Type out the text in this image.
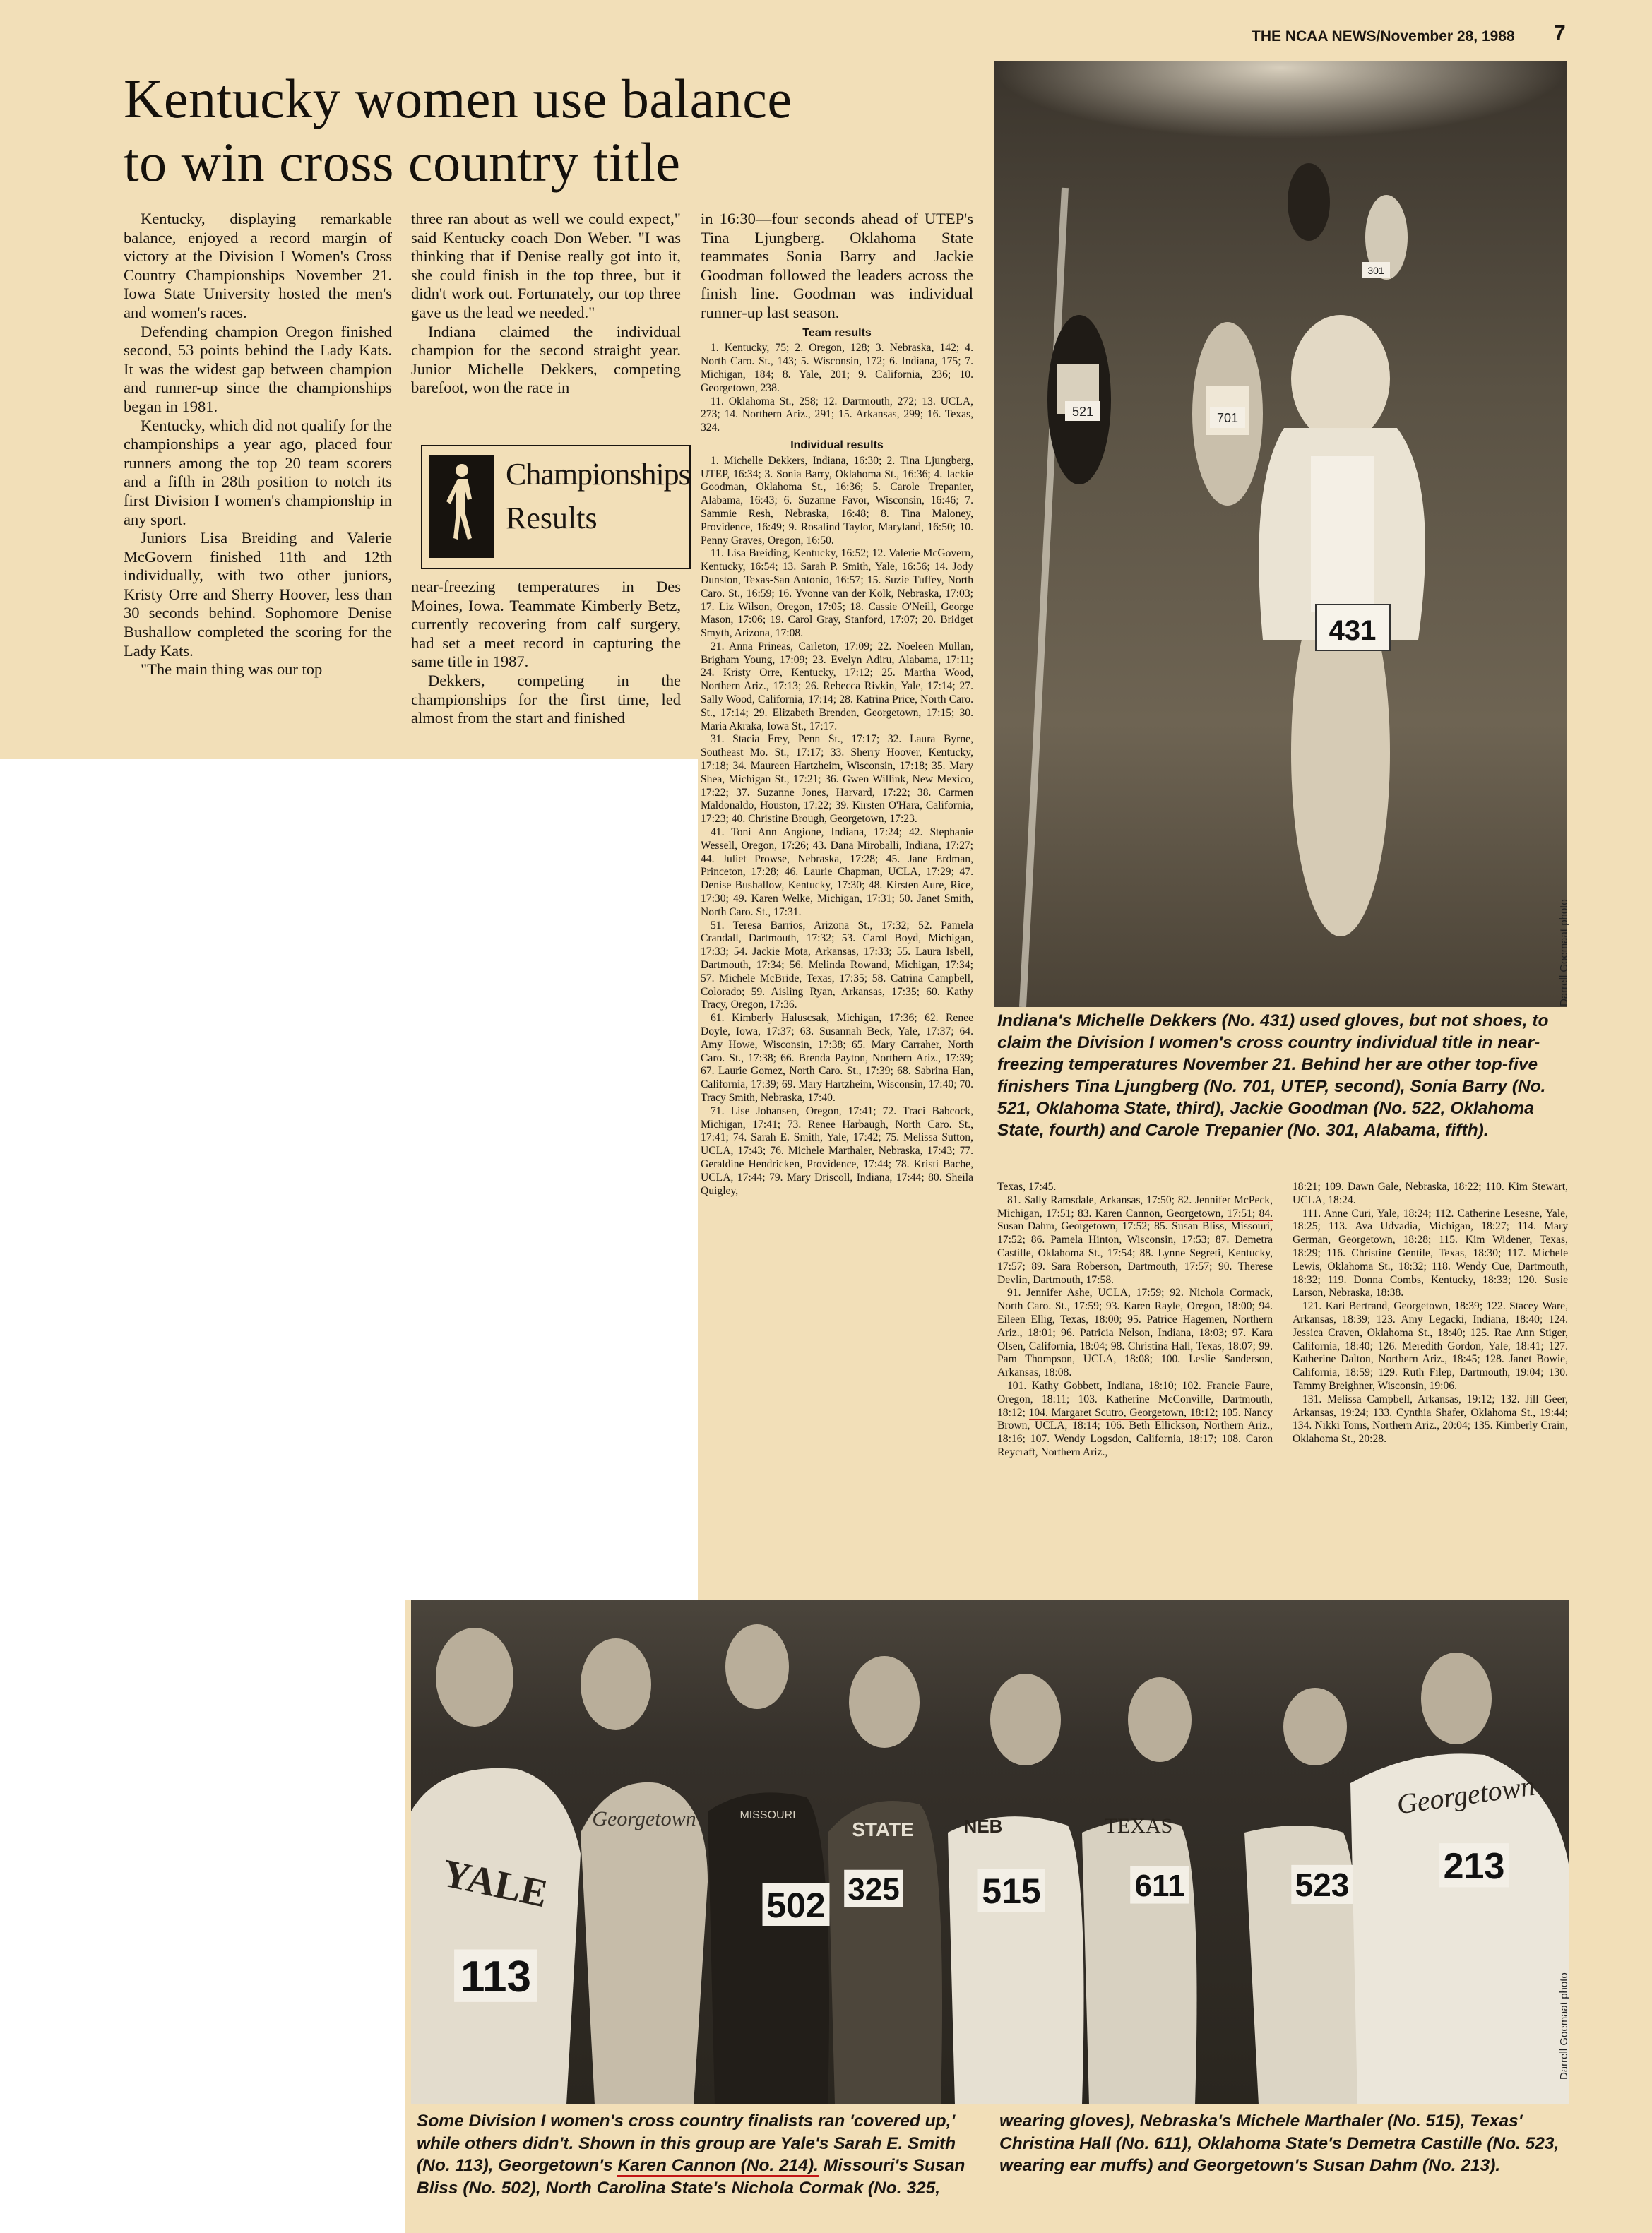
THE NCAA NEWS/November 28, 1988 7
Kentucky women use balance
to win cross country title

Kentucky, displaying remarkable balance, enjoyed a record margin of victory at the Division I Women's Cross Country Championships November 21. Iowa State University hosted the men's and women's races.

Defending champion Oregon finished second, 53 points behind the Lady Kats. It was the widest gap between champion and runner-up since the championships began in 1981.

Kentucky, which did not qualify for the championships a year ago, placed four runners among the top 20 team scorers and a fifth in 28th position to notch its first Division I women's championship in any sport.

Juniors Lisa Breiding and Valerie McGovern finished 11th and 12th individually, with two other juniors, Kristy Orre and Sherry Hoover, less than 30 seconds behind. Sophomore Denise Bushallow completed the scoring for the Lady Kats.

"The main thing was our top

three ran about as well we could expect," said Kentucky coach Don Weber. "I was thinking that if Denise really got into it, she could finish in the top three, but it didn't work out. Fortunately, our top three gave us the lead we needed."

Indiana claimed the individual champion for the second straight year. Junior Michelle Dekkers, competing barefoot, won the race in

Championships
Results

near-freezing temperatures in Des Moines, Iowa. Teammate Kimberly Betz, currently recovering from calf surgery, had set a meet record in capturing the same title in 1987.

Dekkers, competing in the championships for the first time, led almost from the start and finished

in 16:30—four seconds ahead of UTEP's Tina Ljungberg. Oklahoma State teammates Sonia Barry and Jackie Goodman followed the leaders across the finish line. Goodman was individual runner-up last season.
Team results

1. Kentucky, 75; 2. Oregon, 128; 3. Nebraska, 142; 4. North Caro. St., 143; 5. Wisconsin, 172; 6. Indiana, 175; 7. Michigan, 184; 8. Yale, 201; 9. California, 236; 10. Georgetown, 238.

11. Oklahoma St., 258; 12. Dartmouth, 272; 13. UCLA, 273; 14. Northern Ariz., 291; 15. Arkansas, 299; 16. Texas, 324.

Individual results

1. Michelle Dekkers, Indiana, 16:30; 2. Tina Ljungberg, UTEP, 16:34; 3. Sonia Barry, Oklahoma St., 16:36; 4. Jackie Goodman, Oklahoma St., 16:36; 5. Carole Trepanier, Alabama, 16:43; 6. Suzanne Favor, Wisconsin, 16:46; 7. Sammie Resh, Nebraska, 16:48; 8. Tina Maloney, Providence, 16:49; 9. Rosalind Taylor, Maryland, 16:50; 10. Penny Graves, Oregon, 16:50.

11. Lisa Breiding, Kentucky, 16:52; 12. Valerie McGovern, Kentucky, 16:54; 13. Sarah P. Smith, Yale, 16:56; 14. Jody Dunston, Texas-San Antonio, 16:57; 15. Suzie Tuffey, North Caro. St., 16:59; 16. Yvonne van der Kolk, Nebraska, 17:03; 17. Liz Wilson, Oregon, 17:05; 18. Cassie O'Neill, George Mason, 17:06; 19. Carol Gray, Stanford, 17:07; 20. Bridget Smyth, Arizona, 17:08.

21. Anna Prineas, Carleton, 17:09; 22. Noeleen Mullan, Brigham Young, 17:09; 23. Evelyn Adiru, Alabama, 17:11; 24. Kristy Orre, Kentucky, 17:12; 25. Martha Wood, Northern Ariz., 17:13; 26. Rebecca Rivkin, Yale, 17:14; 27. Sally Wood, California, 17:14; 28. Katrina Price, North Caro. St., 17:14; 29. Elizabeth Brenden, Georgetown, 17:15; 30. Maria Akraka, Iowa St., 17:17.

31. Stacia Frey, Penn St., 17:17; 32. Laura Byrne, Southeast Mo. St., 17:17; 33. Sherry Hoover, Kentucky, 17:18; 34. Maureen Hartzheim, Wisconsin, 17:18; 35. Mary Shea, Michigan St., 17:21; 36. Gwen Willink, New Mexico, 17:22; 37. Suzanne Jones, Harvard, 17:22; 38. Carmen Maldonaldo, Houston, 17:22; 39. Kirsten O'Hara, California, 17:23; 40. Christine Brough, Georgetown, 17:23.

41. Toni Ann Angione, Indiana, 17:24; 42. Stephanie Wessell, Oregon, 17:26; 43. Dana Miroballi, Indiana, 17:27; 44. Juliet Prowse, Nebraska, 17:28; 45. Jane Erdman, Princeton, 17:28; 46. Laurie Chapman, UCLA, 17:29; 47. Denise Bushallow, Kentucky, 17:30; 48. Kirsten Aure, Rice, 17:30; 49. Karen Welke, Michigan, 17:31; 50. Janet Smith, North Caro. St., 17:31.

51. Teresa Barrios, Arizona St., 17:32; 52. Pamela Crandall, Dartmouth, 17:32; 53. Carol Boyd, Michigan, 17:33; 54. Jackie Mota, Arkansas, 17:33; 55. Laura Isbell, Dartmouth, 17:34; 56. Melinda Rowand, Michigan, 17:34; 57. Michele McBride, Texas, 17:35; 58. Catrina Campbell, Colorado; 59. Aisling Ryan, Arkansas, 17:35; 60. Kathy Tracy, Oregon, 17:36.

61. Kimberly Haluscsak, Michigan, 17:36; 62. Renee Doyle, Iowa, 17:37; 63. Susannah Beck, Yale, 17:37; 64. Amy Howe, Wisconsin, 17:38; 65. Mary Carraher, North Caro. St., 17:38; 66. Brenda Payton, Northern Ariz., 17:39; 67. Laurie Gomez, North Caro. St., 17:39; 68. Sabrina Han, California, 17:39; 69. Mary Hartzheim, Wisconsin, 17:40; 70. Tracy Smith, Nebraska, 17:40.

71. Lise Johansen, Oregon, 17:41; 72. Traci Babcock, Michigan, 17:41; 73. Renee Harbaugh, North Caro. St., 17:41; 74. Sarah E. Smith, Yale, 17:42; 75. Melissa Sutton, UCLA, 17:43; 76. Michele Marthaler, Nebraska, 17:43; 77. Geraldine Hendricken, Providence, 17:44; 78. Kristi Bache, UCLA, 17:44; 79. Mary Driscoll, Indiana, 17:44; 80. Sheila Quigley,

431
521	701
301
Darrell Goemaat photo
Indiana's Michelle Dekkers (No. 431) used gloves, but not shoes, to claim the Division I women's cross country individual title in near-freezing temperatures November 21. Behind her are other top-five finishers Tina Ljungberg (No. 701, UTEP, second), Sonia Barry (No. 521, Oklahoma State, third), Jackie Goodman (No. 522, Oklahoma State, fourth) and Carole Trepanier (No. 301, Alabama, fifth).

Texas, 17:45.

81. Sally Ramsdale, Arkansas, 17:50; 82. Jennifer McPeck, Michigan, 17:51; 83. Karen Cannon, Georgetown, 17:51; 84. Susan Dahm, Georgetown, 17:52; 85. Susan Bliss, Missouri, 17:52; 86. Pamela Hinton, Wisconsin, 17:53; 87. Demetra Castille, Oklahoma St., 17:54; 88. Lynne Segreti, Kentucky, 17:57; 89. Sara Roberson, Dartmouth, 17:57; 90. Therese Devlin, Dartmouth, 17:58.

91. Jennifer Ashe, UCLA, 17:59; 92. Nichola Cormack, North Caro. St., 17:59; 93. Karen Rayle, Oregon, 18:00; 94. Eileen Ellig, Texas, 18:00; 95. Patrice Hagemen, Northern Ariz., 18:01; 96. Patricia Nelson, Indiana, 18:03; 97. Kara Olsen, California, 18:04; 98. Christina Hall, Texas, 18:07; 99. Pam Thompson, UCLA, 18:08; 100. Leslie Sanderson, Arkansas, 18:08.

101. Kathy Gobbett, Indiana, 18:10; 102. Francie Faure, Oregon, 18:11; 103. Katherine McConville, Dartmouth, 18:12; 104. Margaret Scutro, Georgetown, 18:12; 105. Nancy Brown, UCLA, 18:14; 106. Beth Ellickson, Northern Ariz., 18:16; 107. Wendy Logsdon, California, 18:17; 108. Caron Reycraft, Northern Ariz.,

18:21; 109. Dawn Gale, Nebraska, 18:22; 110. Kim Stewart, UCLA, 18:24.

111. Anne Curi, Yale, 18:24; 112. Catherine Lesesne, Yale, 18:25; 113. Ava Udvadia, Michigan, 18:27; 114. Mary German, Georgetown, 18:28; 115. Kim Widener, Texas, 18:29; 116. Christine Gentile, Texas, 18:30; 117. Michele Lewis, Oklahoma St., 18:32; 118. Wendy Cue, Dartmouth, 18:32; 119. Donna Combs, Kentucky, 18:33; 120. Susie Larson, Nebraska, 18:38.

121. Kari Bertrand, Georgetown, 18:39; 122. Stacey Ware, Arkansas, 18:39; 123. Amy Legacki, Indiana, 18:40; 124. Jessica Craven, Oklahoma St., 18:40; 125. Rae Ann Stiger, California, 18:40; 126. Meredith Gordon, Yale, 18:41; 127. Katherine Dalton, Northern Ariz., 18:45; 128. Janet Bowie, California, 18:59; 129. Ruth Filep, Dartmouth, 19:04; 130. Tammy Breighner, Wisconsin, 19:06.

131. Melissa Campbell, Arkansas, 19:12; 132. Jill Geer, Arkansas, 19:24; 133. Cynthia Shafer, Oklahoma St., 19:44; 134. Nikki Toms, Northern Ariz., 20:04; 135. Kimberly Crain, Oklahoma St., 20:28.

YALE
Georgetown	MISSOURI
STATE	NEB	TEXAS
Georgetown
113
502 325 515	611	523	213
Darrell Goemaat photo
Some Division I women's cross country finalists ran 'covered up,' while others didn't. Shown in this group are Yale's Sarah E. Smith (No. 113), Georgetown's Karen Cannon (No. 214). Missouri's Susan Bliss (No. 502), North Carolina State's Nichola Cormak (No. 325, wearing gloves), Nebraska's Michele Marthaler (No. 515), Texas' Christina Hall (No. 611), Oklahoma State's Demetra Castille (No. 523, wearing ear muffs) and Georgetown's Susan Dahm (No. 213).
